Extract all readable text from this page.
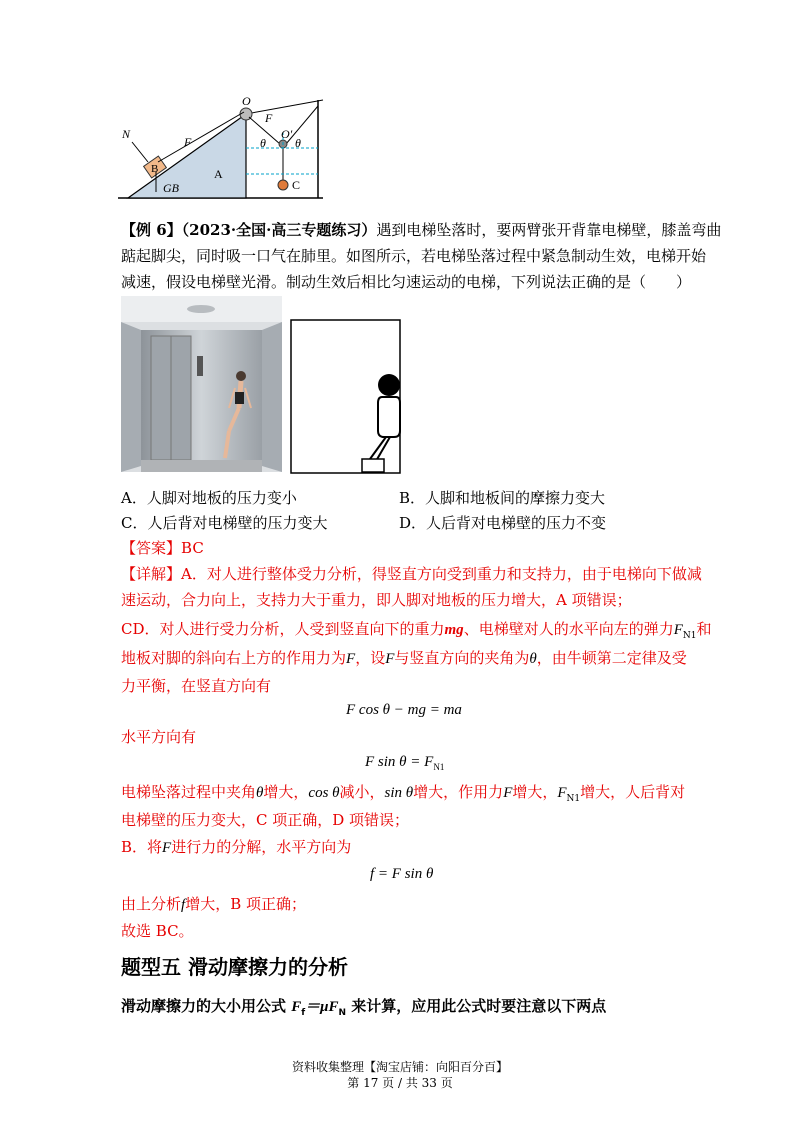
O
F
O′
θ θ
F
N
B
GB
A
C
【例 6】（2023·全国·高三专题练习）遇到电梯坠落时，要两臂张开背靠电梯壁，膝盖弯曲
踮起脚尖，同时吸一口气在肺里。如图所示，若电梯坠落过程中紧急制动生效，电梯开始
减速，假设电梯壁光滑。制动生效后相比匀速运动的电梯，下列说法正确的是（　　）
A．人脚对地板的压力变小	B．人脚和地板间的摩擦力变大
C．人后背对电梯壁的压力变大	D．人后背对电梯壁的压力不变
【答案】BC
【详解】A．对人进行整体受力分析，得竖直方向受到重力和支持力，由于电梯向下做减
速运动，合力向上，支持力大于重力，即人脚对地板的压力增大，A 项错误；
CD．对人进行受力分析，人受到竖直向下的重力mg、电梯壁对人的水平向左的弹力$F_{N1}$和
地板对脚的斜向右上方的作用力为F，设F与竖直方向的夹角为θ，由牛顿第二定律及受
力平衡，在竖直方向有
F cos θ − mg = ma
水平方向有
F $\sin \theta = F_{N1}$
电梯坠落过程中夹角θ增大，cos θ减小，sin θ增大，作用力F增大，$F_{N1}$增大，人后背对
电梯壁的压力变大，C 项正确，D 项错误；
B．将F进行力的分解，水平方向为
f = F sin θ
由上分析f增大，B 项正确；
故选 BC。
题型五 滑动摩擦力的分析
滑动摩擦力的大小用公式 $F_f=\mu F_N$ 来计算，应用此公式时要注意以下两点
资料收集整理【淘宝店铺：向阳百分百】
第 17 页 / 共 33 页
